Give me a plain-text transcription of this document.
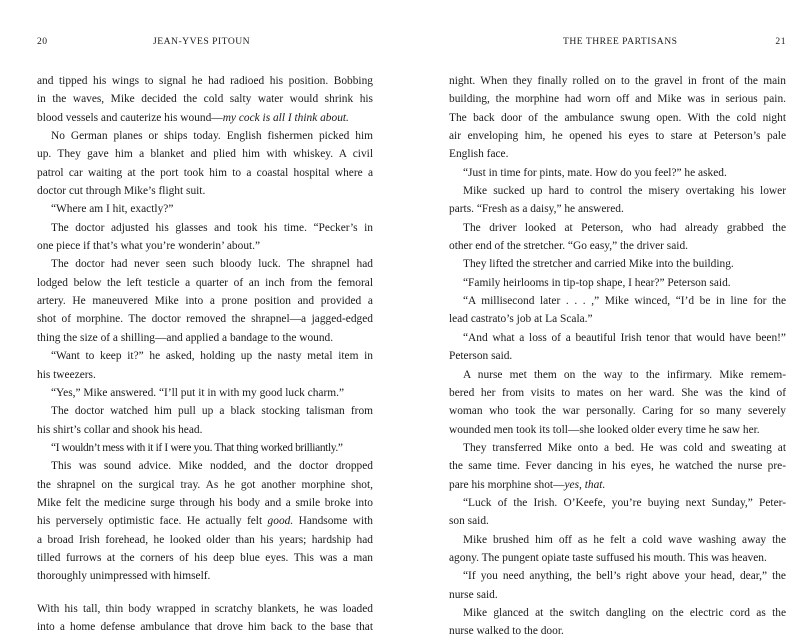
20	JEAN-YVES PITOUN
and tipped his wings to signal he had radioed his position. Bobbing
in the waves, Mike decided the cold salty water would shrink his
blood vessels and cauterize his wound—my cock is all I think about.
No German planes or ships today. English fishermen picked him
up. They gave him a blanket and plied him with whiskey. A civil
patrol car waiting at the port took him to a coastal hospital where a
doctor cut through Mike’s flight suit.
“Where am I hit, exactly?”
The doctor adjusted his glasses and took his time. “Pecker’s in
one piece if that’s what you’re wonderin’ about.”
The doctor had never seen such bloody luck. The shrapnel had
lodged below the left testicle a quarter of an inch from the femoral
artery. He maneuvered Mike into a prone position and provided a
shot of morphine. The doctor removed the shrapnel—a jagged-edged
thing the size of a shilling—and applied a bandage to the wound.
“Want to keep it?” he asked, holding up the nasty metal item in
his tweezers.
“Yes,” Mike answered. “I’ll put it in with my good luck charm.”
The doctor watched him pull up a black stocking talisman from
his shirt’s collar and shook his head.
“I wouldn’t mess with it if I were you. That thing worked brilliantly.”
This was sound advice. Mike nodded, and the doctor dropped
the shrapnel on the surgical tray. As he got another morphine shot,
Mike felt the medicine surge through his body and a smile broke into
his perversely optimistic face. He actually felt good. Handsome with
a broad Irish forehead, he looked older than his years; hardship had
tilled furrows at the corners of his deep blue eyes. This was a man
thoroughly unimpressed with himself.
With his tall, thin body wrapped in scratchy blankets, he was loaded
into a home defense ambulance that drove him back to the base that
THE THREE PARTISANS	21
night. When they finally rolled on to the gravel in front of the main
building, the morphine had worn off and Mike was in serious pain.
The back door of the ambulance swung open. With the cold night
air enveloping him, he opened his eyes to stare at Peterson’s pale
English face.
“Just in time for pints, mate. How do you feel?” he asked.
Mike sucked up hard to control the misery overtaking his lower
parts. “Fresh as a daisy,” he answered.
The driver looked at Peterson, who had already grabbed the
other end of the stretcher. “Go easy,” the driver said.
They lifted the stretcher and carried Mike into the building.
“Family heirlooms in tip-top shape, I hear?” Peterson said.
“A millisecond later . . . ,” Mike winced, “I’d be in line for the
lead castrato’s job at La Scala.”
“And what a loss of a beautiful Irish tenor that would have been!”
Peterson said.
A nurse met them on the way to the infirmary. Mike remem-
bered her from visits to mates on her ward. She was the kind of
woman who took the war personally. Caring for so many severely
wounded men took its toll—she looked older every time he saw her.
They transferred Mike onto a bed. He was cold and sweating at
the same time. Fever dancing in his eyes, he watched the nurse pre-
pare his morphine shot—yes, that.
“Luck of the Irish. O’Keefe, you’re buying next Sunday,” Peter-
son said.
Mike brushed him off as he felt a cold wave washing away the
agony. The pungent opiate taste suffused his mouth. This was heaven.
“If you need anything, the bell’s right above your head, dear,” the
nurse said.
Mike glanced at the switch dangling on the electric cord as the
nurse walked to the door.
